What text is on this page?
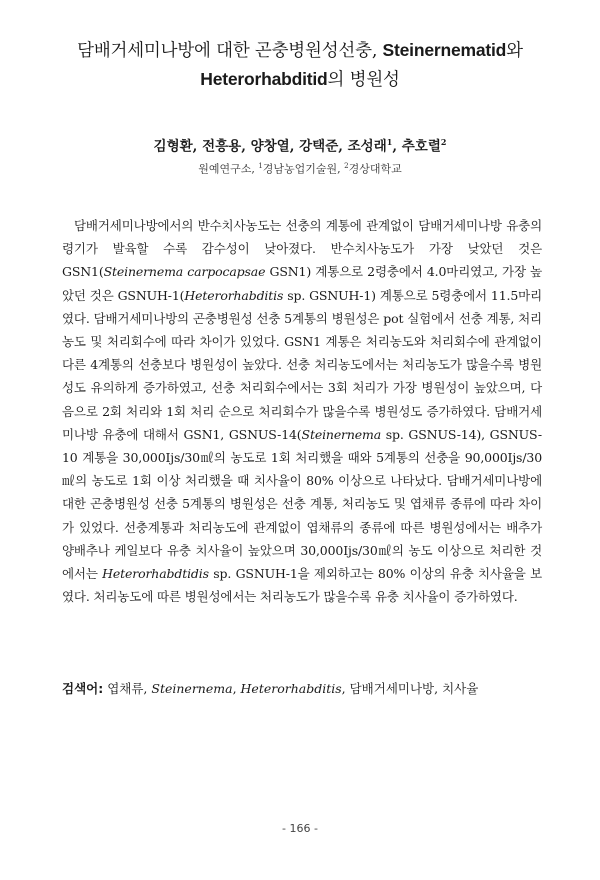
담배거세미나방에 대한 곤충병원성선충, Steinernematid와
Heterorhabditid의 병원성
김형환, 전흥용, 양창열, 강택준, 조성래$^1$, 추호렬$^2$
원예연구소, $^1$경남농업기술원, $^2$경상대학교
담배거세미나방에서의 반수치사농도는 선충의 계통에 관계없이 담배거세미나방 유충의 령기가 발육할 수록 감수성이 낮아졌다. 반수치사농도가 가장 낮았던 것은 GSN1(Steinernema carpocapsae GSN1) 계통으로 2령충에서 4.0마리였고, 가장 높았던 것은 GSNUH-1(Heterorhabditis sp. GSNUH-1) 계통으로 5령충에서 11.5마리였다. 담배거세미나방의 곤충병원성 선충 5계통의 병원성은 pot 실험에서 선충 계통, 처리농도 및 처리회수에 따라 차이가 있었다. GSN1 계통은 처리농도와 처리회수에 관계없이 다른 4계통의 선충보다 병원성이 높았다. 선충 처리농도에서는 처리농도가 많을수록 병원성도 유의하게 증가하였고, 선충 처리회수에서는 3회 처리가 가장 병원성이 높았으며, 다음으로 2회 처리와 1회 처리 순으로 처리회수가 많을수록 병원성도 증가하였다. 담배거세미나방 유충에 대해서 GSN1, GSNUS-14(Steinernema sp. GSNUS-14), GSNUS-10 계통을 30,000Ijs/30㎖의 농도로 1회 처리했을 때와 5계통의 선충을 90,000Ijs/30㎖의 농도로 1회 이상 처리했을 때 치사율이 80% 이상으로 나타났다. 담배거세미나방에 대한 곤충병원성 선충 5계통의 병원성은 선충 계통, 처리농도 및 엽채류 종류에 따라 차이가 있었다. 선충계통과 처리농도에 관계없이 엽채류의 종류에 따른 병원성에서는 배추가 양배추나 케일보다 유충 치사율이 높았으며 30,000Ijs/30㎖의 농도 이상으로 처리한 것에서는 Heterorhabdtidis sp. GSNUH-1을 제외하고는 80% 이상의 유충 치사율을 보였다. 처리농도에 따른 병원성에서는 처리농도가 많을수록 유충 치사율이 증가하였다.
검색어: 엽채류, Steinernema, Heterorhabditis, 담배거세미나방, 치사율
- 166 -
